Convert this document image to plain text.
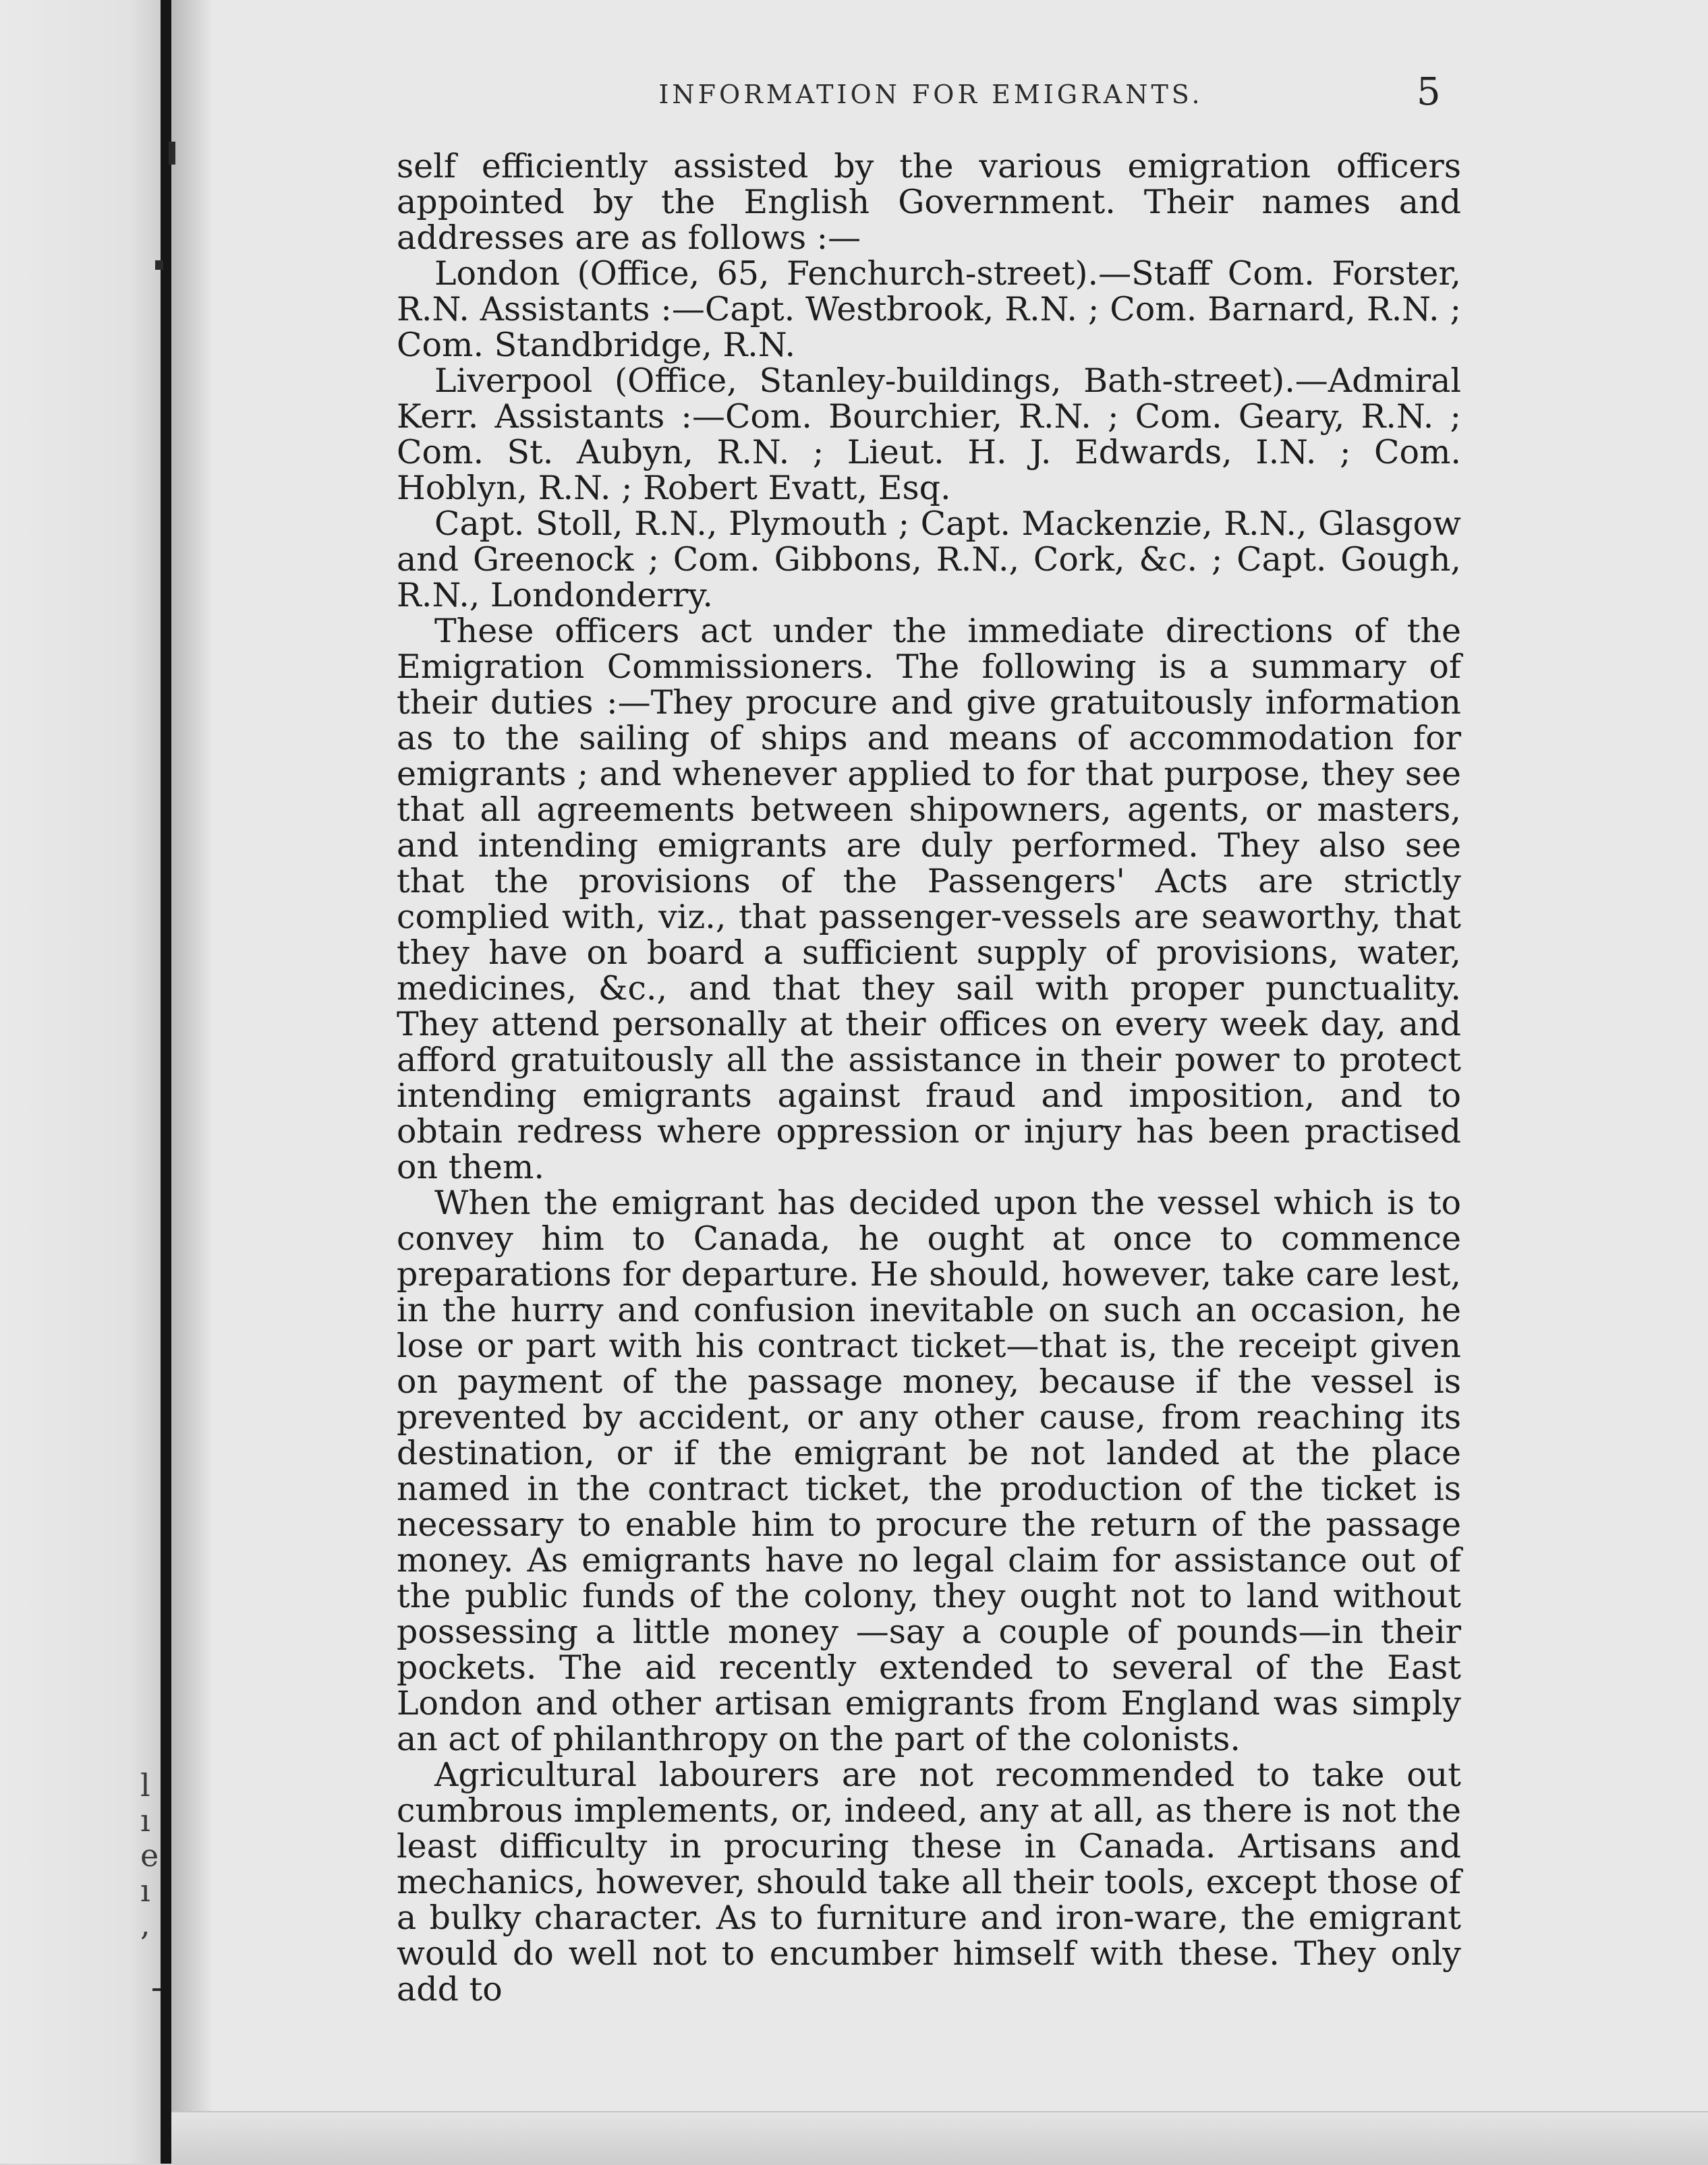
l
ı
e
ı
,
INFORMATION FOR EMIGRANTS.	5

self efficiently assisted by the various emigration officers appointed by the English Government. Their names and addresses are as follows :—

London (Office, 65, Fenchurch-street).—Staff Com. Forster, R.N. Assistants :—Capt. Westbrook, R.N. ; Com. Barnard, R.N. ; Com. Standbridge, R.N.

Liverpool (Office, Stanley-buildings, Bath-street).—Admiral Kerr. Assistants :—Com. Bourchier, R.N. ; Com. Geary, R.N. ; Com. St. Aubyn, R.N. ; Lieut. H. J. Edwards, I.N. ; Com. Hoblyn, R.N. ; Robert Evatt, Esq.

Capt. Stoll, R.N., Plymouth ; Capt. Mackenzie, R.N., Glasgow and Greenock ; Com. Gibbons, R.N., Cork, &c. ; Capt. Gough, R.N., Londonderry.

These officers act under the immediate directions of the Emigration Commissioners. The following is a summary of their duties :—They procure and give gratuitously information as to the sailing of ships and means of accommodation for emigrants ; and whenever applied to for that purpose, they see that all agreements between shipowners, agents, or masters, and intending emigrants are duly performed. They also see that the provisions of the Passengers' Acts are strictly complied with, viz., that passenger-vessels are seaworthy, that they have on board a sufficient supply of provisions, water, medicines, &c., and that they sail with proper punctuality. They attend personally at their offices on every week day, and afford gratuitously all the assistance in their power to protect intending emigrants against fraud and imposition, and to obtain redress where oppression or injury has been practised on them.

When the emigrant has decided upon the vessel which is to convey him to Canada, he ought at once to commence preparations for departure. He should, however, take care lest, in the hurry and confusion inevitable on such an occasion, he lose or part with his contract ticket—that is, the receipt given on payment of the passage money, because if the vessel is prevented by accident, or any other cause, from reaching its destination, or if the emigrant be not landed at the place named in the contract ticket, the production of the ticket is necessary to enable him to procure the return of the passage money. As emigrants have no legal claim for assistance out of the public funds of the colony, they ought not to land without possessing a little money —say a couple of pounds—in their pockets. The aid recently extended to several of the East London and other artisan emigrants from England was simply an act of philanthropy on the part of the colonists.

Agricultural labourers are not recommended to take out cumbrous implements, or, indeed, any at all, as there is not the least difficulty in procuring these in Canada. Artisans and mechanics, however, should take all their tools, except those of a bulky character. As to furniture and iron-ware, the emigrant would do well not to encumber himself with these. They only add to
